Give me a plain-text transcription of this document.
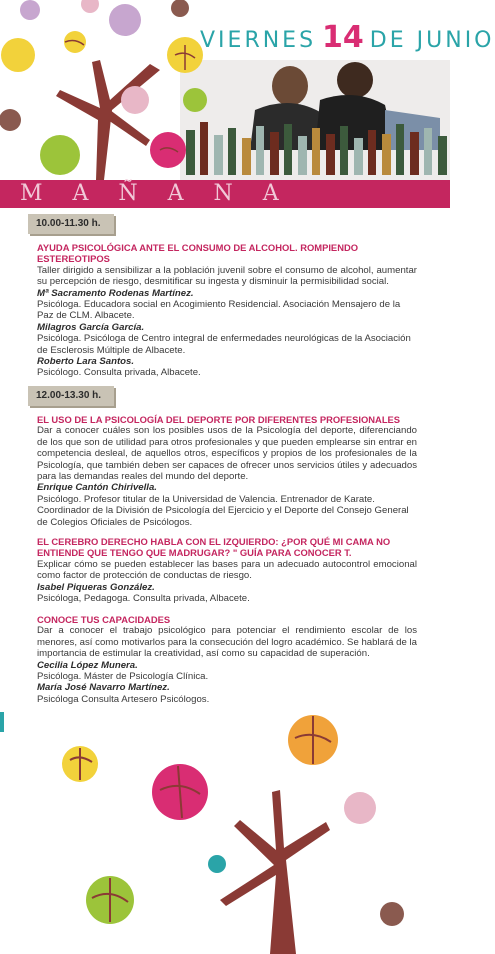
VIERNES 14 DE JUNIO
MAÑANA
10.00-11.30 h.
AYUDA PSICOLÓGICA ANTE EL CONSUMO DE ALCOHOL. ROMPIENDO ESTEREOTIPOS

Taller dirigido a sensibilizar a la población juvenil sobre el consumo de alcohol, aumentar su percepción de riesgo, desmitificar su ingesta y disminuir la permisibilidad social.

Mª Sacramento Rodenas Martínez.

Psicóloga. Educadora social en Acogimiento Residencial. Asociación Mensajero de la Paz de CLM. Albacete.

Milagros García García.

Psicóloga. Psicóloga de Centro integral de enfermedades neurológicas de la Asociación de Esclerosis Múltiple de Albacete.

Roberto Lara Santos.

Psicólogo. Consulta privada, Albacete.

12.00-13.30 h.
EL USO DE LA PSICOLOGÍA DEL DEPORTE POR DIFERENTES PROFESIONALES

Dar a conocer cuáles son los posibles usos de la Psicología del deporte, diferenciando de los que son de utilidad para otros profesionales y que pueden emplearse sin entrar en competencia desleal, de aquellos otros, específicos y propios de los profesionales de la Psicología, que también deben ser capaces de ofrecer unos servicios útiles y adecuados para las demandas reales del mundo del deporte.

Enrique Cantón Chirivella.

Psicólogo. Profesor titular de la Universidad de Valencia. Entrenador de Karate. Coordinador de la División de Psicología del Ejercicio y el Deporte del Consejo General de Colegios Oficiales de Psicólogos.

EL CEREBRO DERECHO HABLA CON EL IZQUIERDO: ¿POR QUÉ MI CAMA NO ENTIENDE QUE TENGO QUE MADRUGAR? " GUÍA PARA CONOCER T.

Explicar cómo se pueden establecer las bases para un adecuado autocontrol emocional como factor de protección de conductas de riesgo.

Isabel Piqueras González.

Psicóloga, Pedagoga. Consulta privada, Albacete.

CONOCE TUS CAPACIDADES

Dar a conocer el trabajo psicológico para potenciar el rendimiento escolar de los menores, así como motivarlos para la consecución del logro académico. Se hablará de la importancia de estimular la creatividad, así como su capacidad de superación.

Cecilia López Munera.

Psicóloga. Máster de Psicología Clínica.

María José Navarro Martínez.

Psicóloga Consulta Artesero Psicólogos.
